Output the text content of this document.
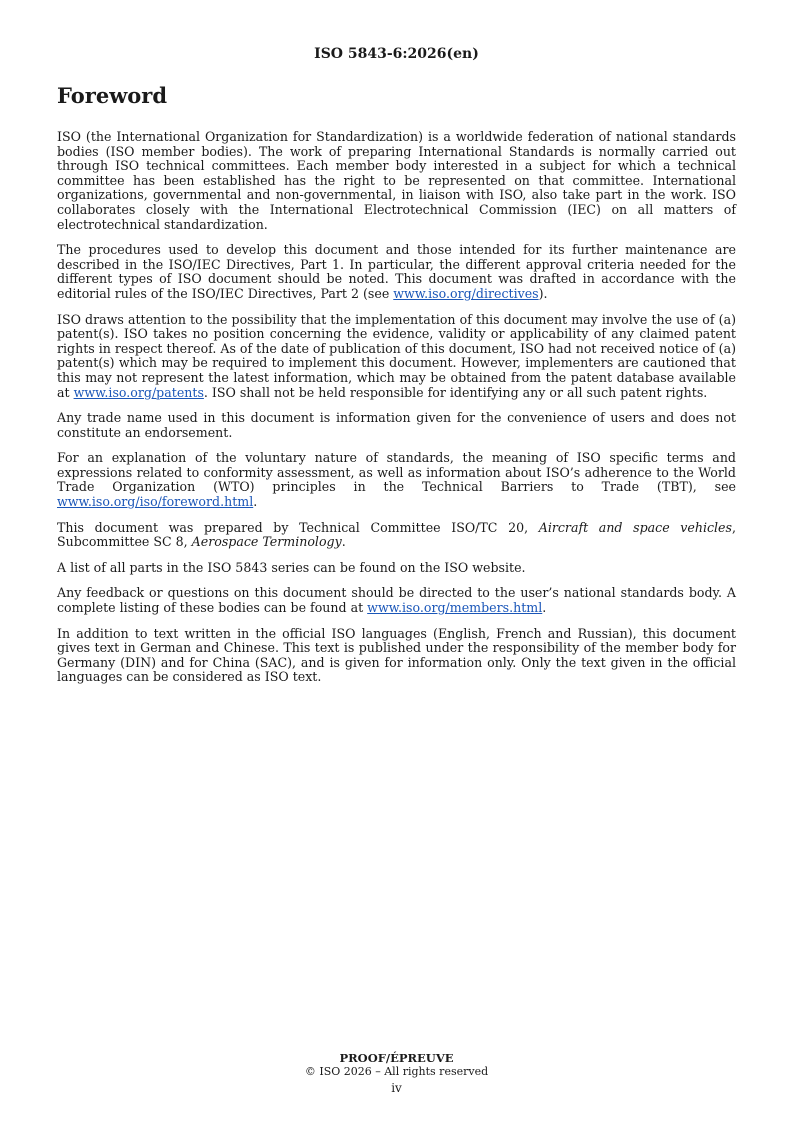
ISO 5843-6:2026(en)
Foreword

ISO (the International Organization for Standardization) is a worldwide federation of national standards bodies (ISO member bodies). The work of preparing International Standards is normally carried out through ISO technical committees. Each member body interested in a subject for which a technical committee has been established has the right to be represented on that committee. International organizations, governmental and non-governmental, in liaison with ISO, also take part in the work. ISO collaborates closely with the International Electrotechnical Commission (IEC) on all matters of electrotechnical standardization.

The procedures used to develop this document and those intended for its further maintenance are described in the ISO/IEC Directives, Part 1. In particular, the different approval criteria needed for the different types of ISO document should be noted. This document was drafted in accordance with the editorial rules of the ISO/IEC Directives, Part 2 (see www.iso.org/directives).

ISO draws attention to the possibility that the implementation of this document may involve the use of (a) patent(s). ISO takes no position concerning the evidence, validity or applicability of any claimed patent rights in respect thereof. As of the date of publication of this document, ISO had not received notice of (a) patent(s) which may be required to implement this document. However, implementers are cautioned that this may not represent the latest information, which may be obtained from the patent database available at www.iso.org/patents. ISO shall not be held responsible for identifying any or all such patent rights.

Any trade name used in this document is information given for the convenience of users and does not constitute an endorsement.

For an explanation of the voluntary nature of standards, the meaning of ISO specific terms and expressions related to conformity assessment, as well as information about ISO’s adherence to the World Trade Organization (WTO) principles in the Technical Barriers to Trade (TBT), see www.iso.org/iso/foreword.html.

This document was prepared by Technical Committee ISO/TC 20, Aircraft and space vehicles, Subcommittee SC 8, Aerospace Terminology.

A list of all parts in the ISO 5843 series can be found on the ISO website.

Any feedback or questions on this document should be directed to the user’s national standards body. A complete listing of these bodies can be found at www.iso.org/members.html.

In addition to text written in the official ISO languages (English, French and Russian), this document gives text in German and Chinese. This text is published under the responsibility of the member body for Germany (DIN) and for China (SAC), and is given for information only. Only the text given in the official languages can be considered as ISO text.

PROOF/ÉPREUVE
© ISO 2026 – All rights reserved
iv
